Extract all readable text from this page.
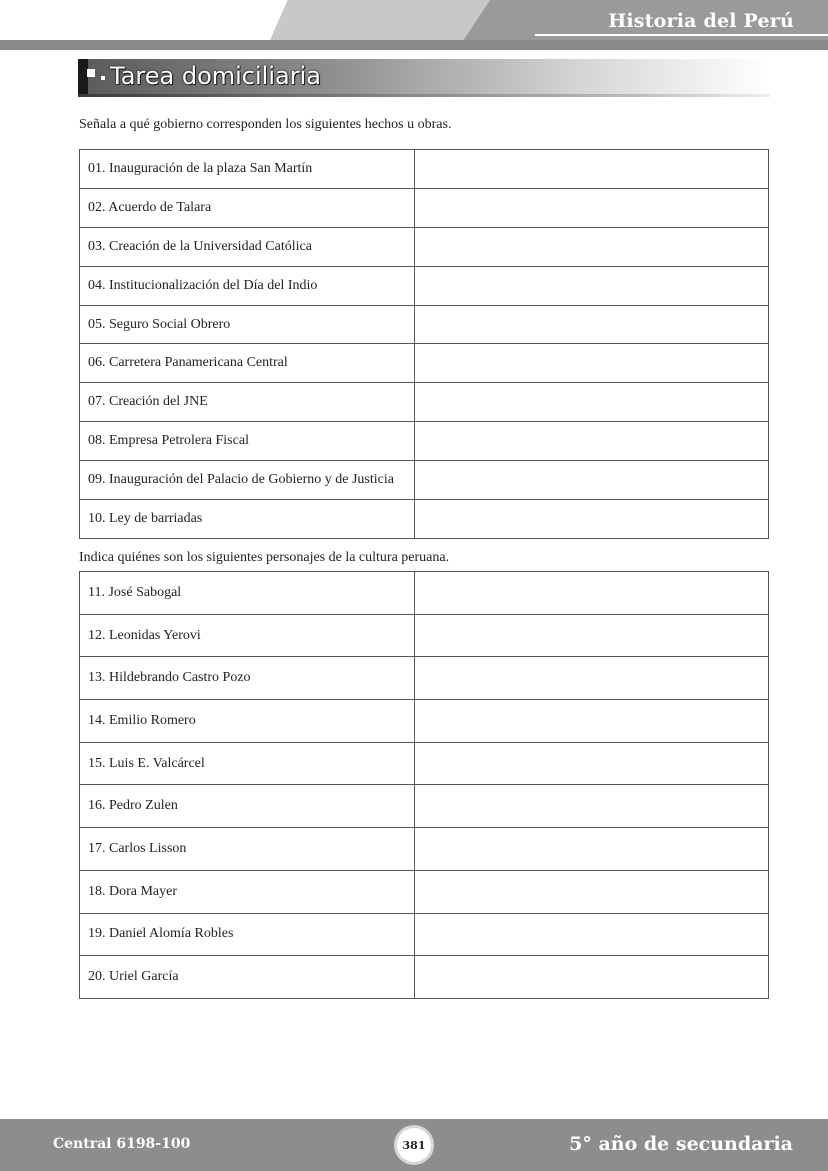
Historia del Perú
Tarea domiciliaria
Señala a qué gobierno corresponden los siguientes hechos u obras.
01. Inauguración de la plaza San Martín	
02. Acuerdo de Talara	
03. Creación de la Universidad Católica	
04. Institucionalización del Día del Indio	
05. Seguro Social Obrero	
06. Carretera Panamericana Central	
07. Creación del JNE	
08. Empresa Petrolera Fiscal	
09. Inauguración del Palacio de Gobierno y de Justicia	
10. Ley de barriadas	
Indica quiénes son los siguientes personajes de la cultura peruana.
11. José Sabogal	
12. Leonidas Yerovi	
13. Hildebrando Castro Pozo	
14. Emilio Romero	
15. Luis E. Valcárcel	
16. Pedro Zulen	
17. Carlos Lisson	
18. Dora Mayer	
19. Daniel Alomía Robles	
20. Uriel García	
Central 6198-100	381	5° año de secundaria
